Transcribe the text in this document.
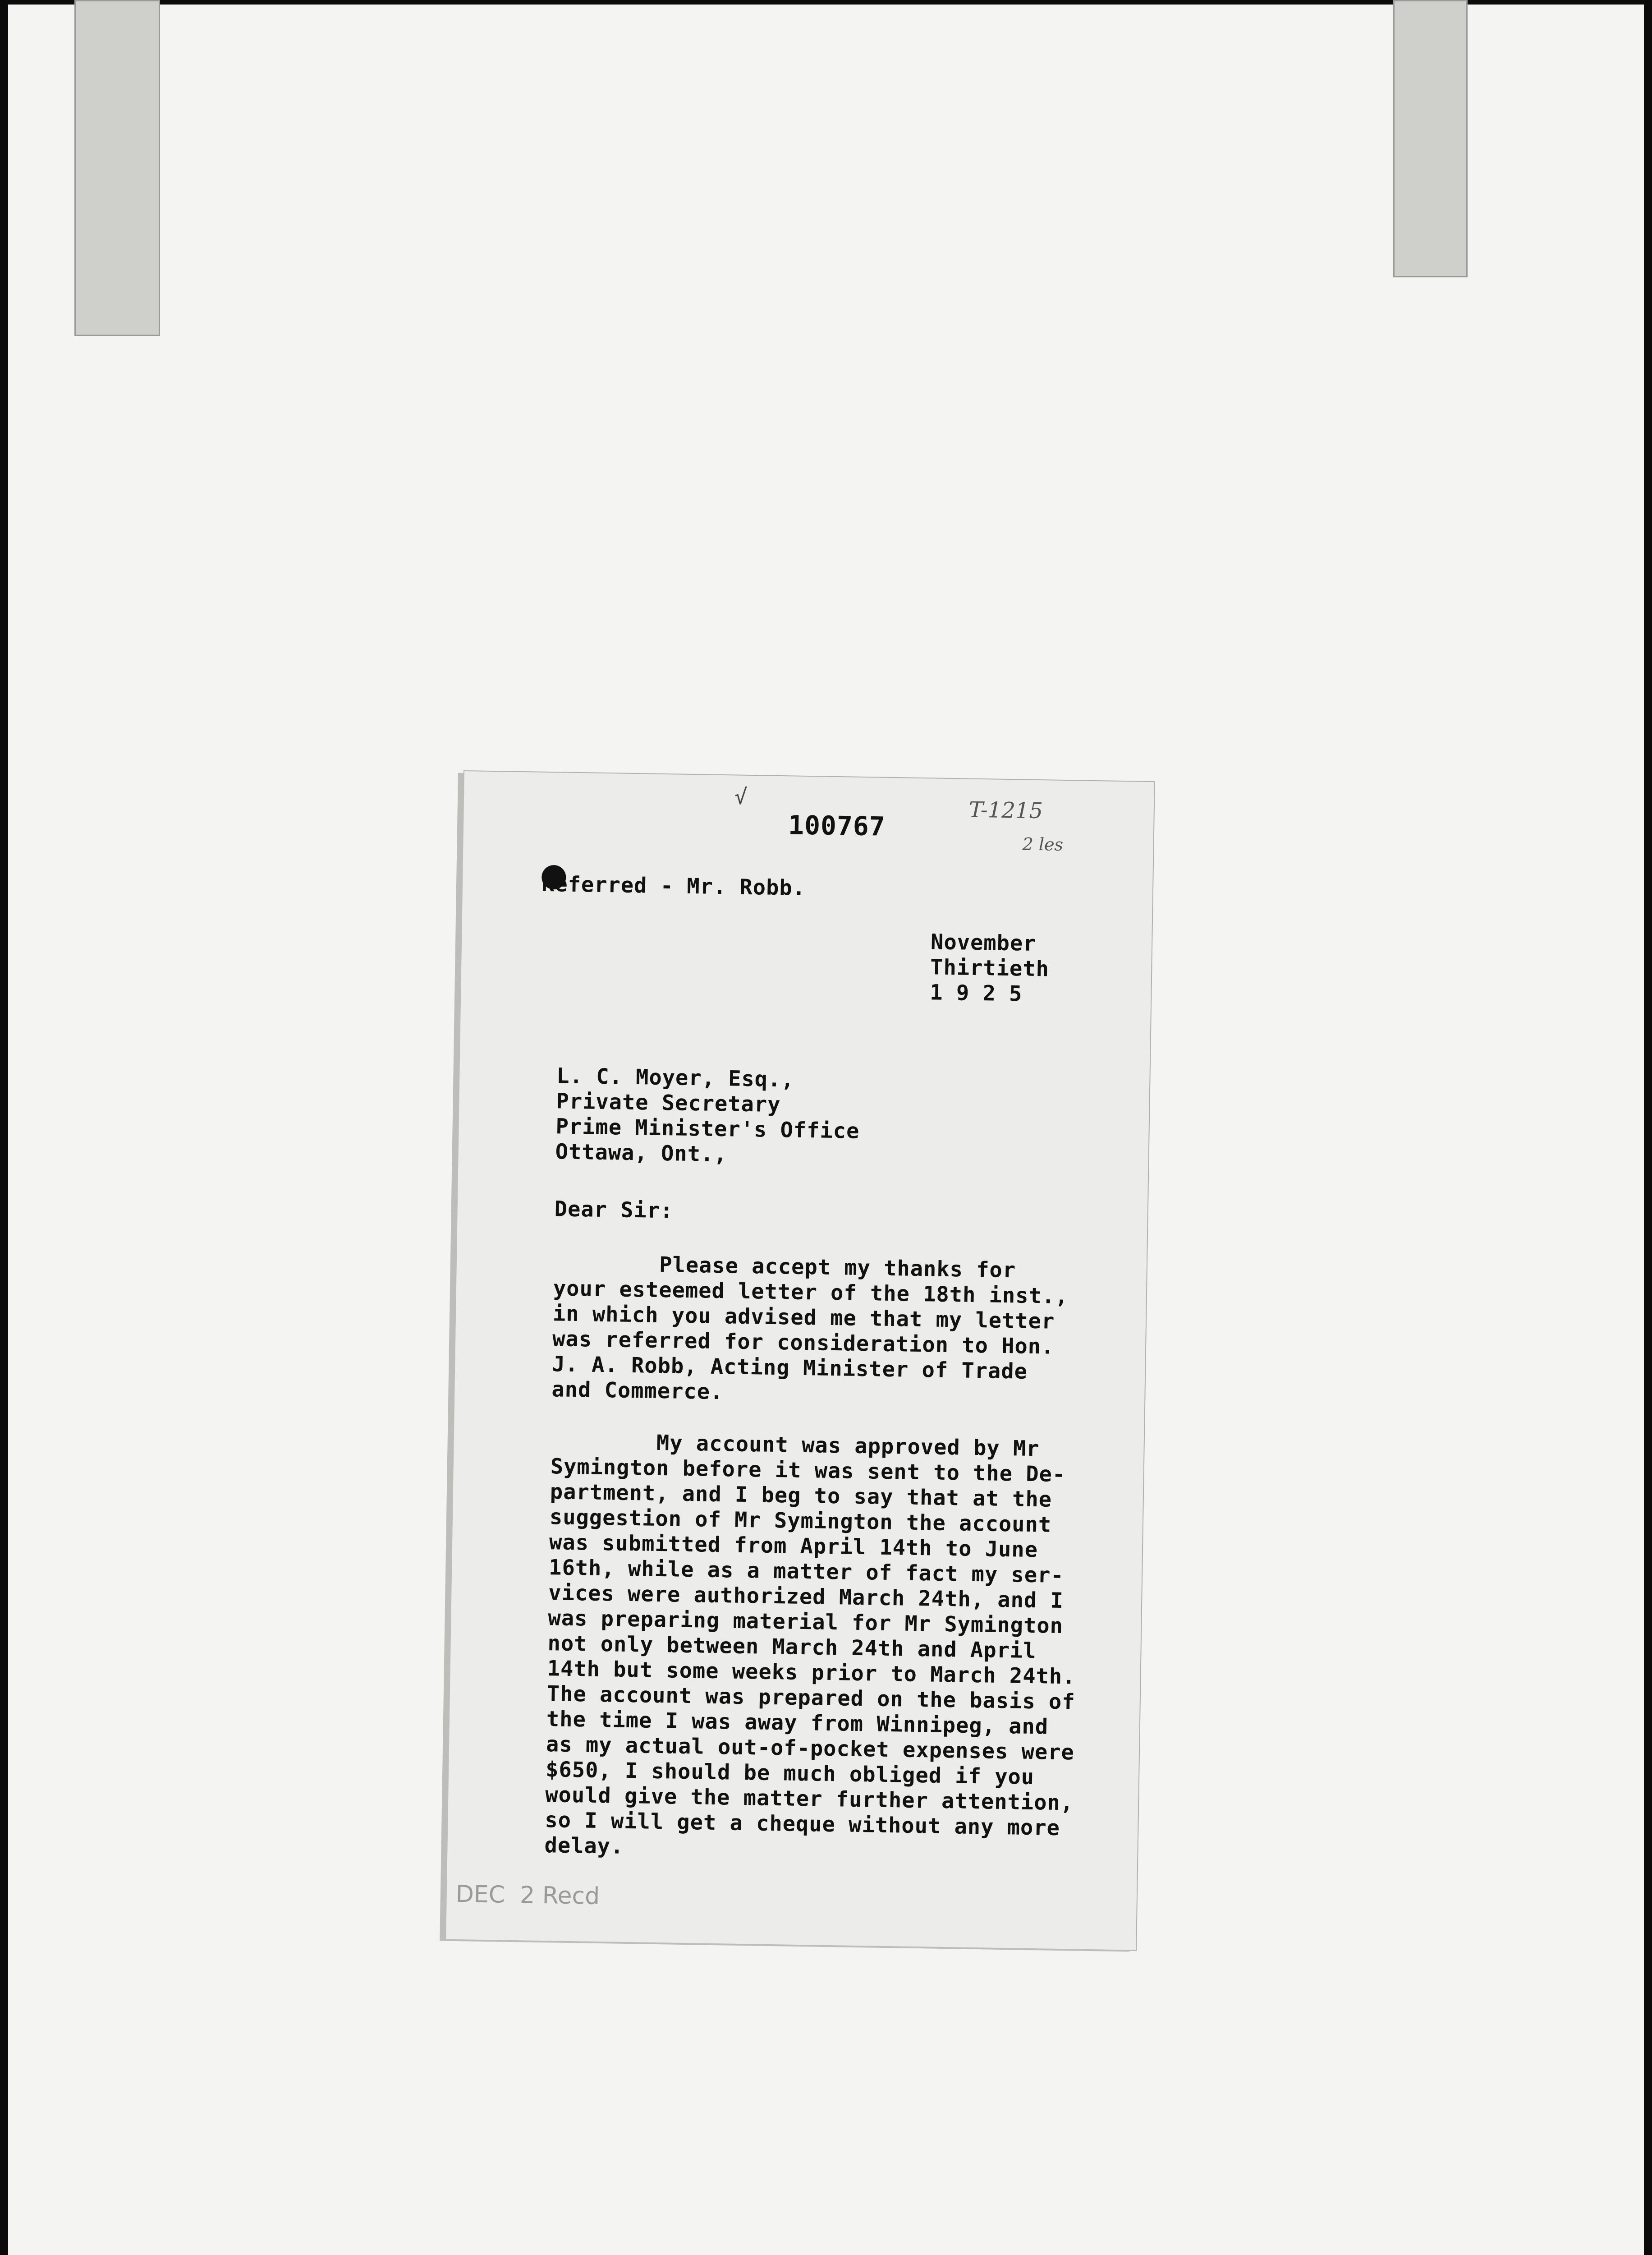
√
100767	T-1215
2 les
Referred - Mr. Robb.
November
Thirtieth
1 9 2 5
L. C. Moyer, Esq.,
Private Secretary
Prime Minister's Office
Ottawa, Ont.,
Dear Sir:
Please accept my thanks for
your esteemed letter of the 18th inst.,
in which you advised me that my letter
was referred for consideration to Hon.
J. A. Robb, Acting Minister of Trade
and Commerce.
My account was approved by Mr
Symington before it was sent to the De-
partment, and I beg to say that at the
suggestion of Mr Symington the account
was submitted from April 14th to June
16th, while as a matter of fact my ser-
vices were authorized March 24th, and I
was preparing material for Mr Symington
not only between March 24th and April
14th but some weeks prior to March 24th.
The account was prepared on the basis of
the time I was away from Winnipeg, and
as my actual out-of-pocket expenses were
$650, I should be much obliged if you
would give the matter further attention,
so I will get a cheque without any more
delay.
DEC  2 Recd
